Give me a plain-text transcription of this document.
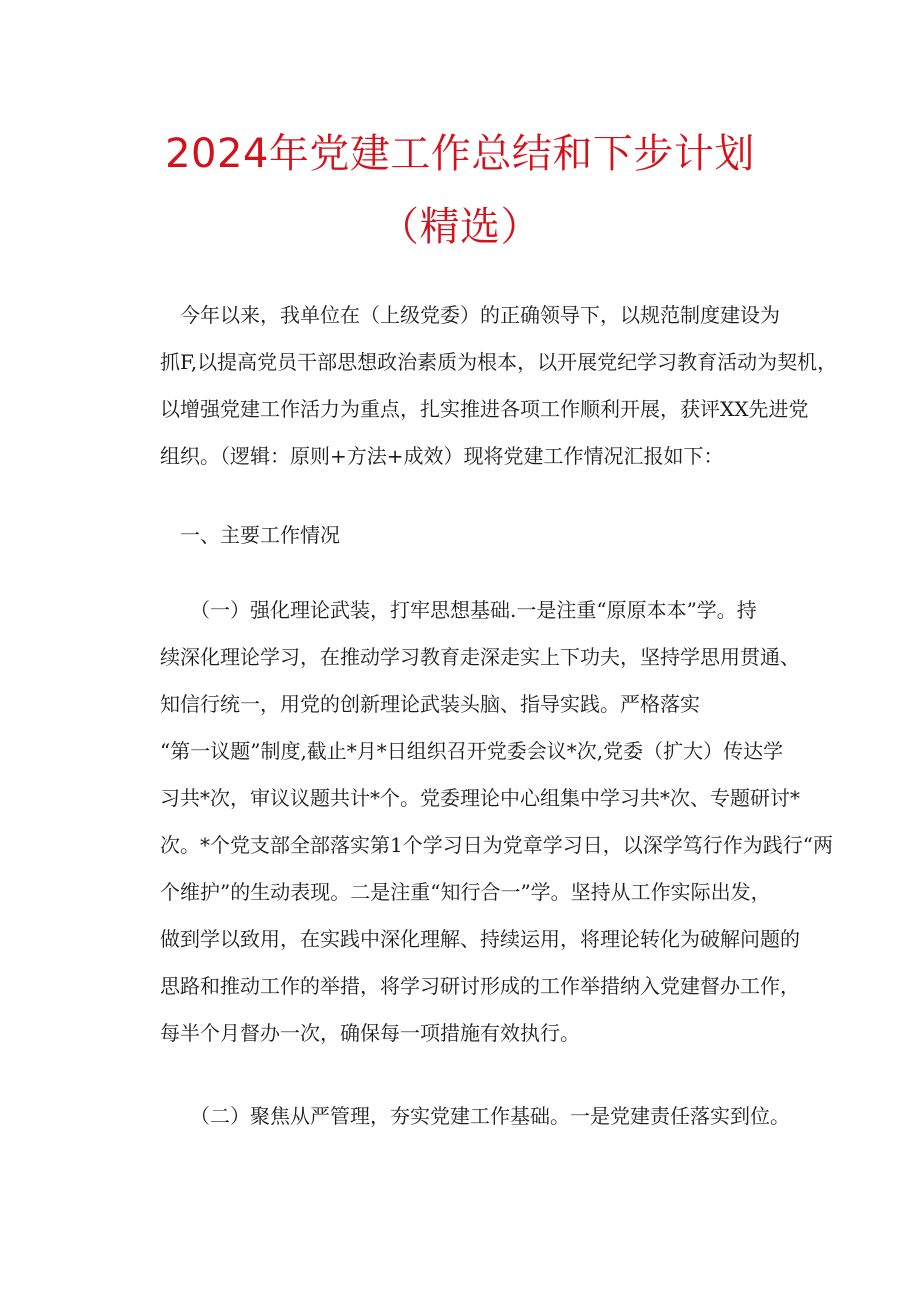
2024年党建工作总结和下步计划
（精选）

　今年以来，我单位在（上级党委）的正确领导下，以规范制度建设为
抓F,以提高党员干部思想政治素质为根本，以开展党纪学习教育活动为契机，
以增强党建工作活力为重点，扎实推进各项工作顺利开展，获评XX先进党
组织。（逻辑：原则+方法+成效）现将党建工作情况汇报如下：

　一、主要工作情况

　　（一）强化理论武装，打牢思想基础.一是注重“原原本本”学。持
续深化理论学习，在推动学习教育走深走实上下功夫，坚持学思用贯通、
知信行统一，用党的创新理论武装头脑、指导实践。严格落实
“第一议题”制度,截止*月*日组织召开党委会议*次,党委（扩大）传达学
习共*次，审议议题共计*个。党委理论中心组集中学习共*次、专题研讨*
次。*个党支部全部落实第1个学习日为党章学习日，以深学笃行作为践行“两
个维护”的生动表现。二是注重“知行合一”学。坚持从工作实际出发，
做到学以致用，在实践中深化理解、持续运用，将理论转化为破解问题的
思路和推动工作的举措，将学习研讨形成的工作举措纳入党建督办工作，
每半个月督办一次，确保每一项措施有效执行。

　　（二）聚焦从严管理，夯实党建工作基础。一是党建责任落实到位。
